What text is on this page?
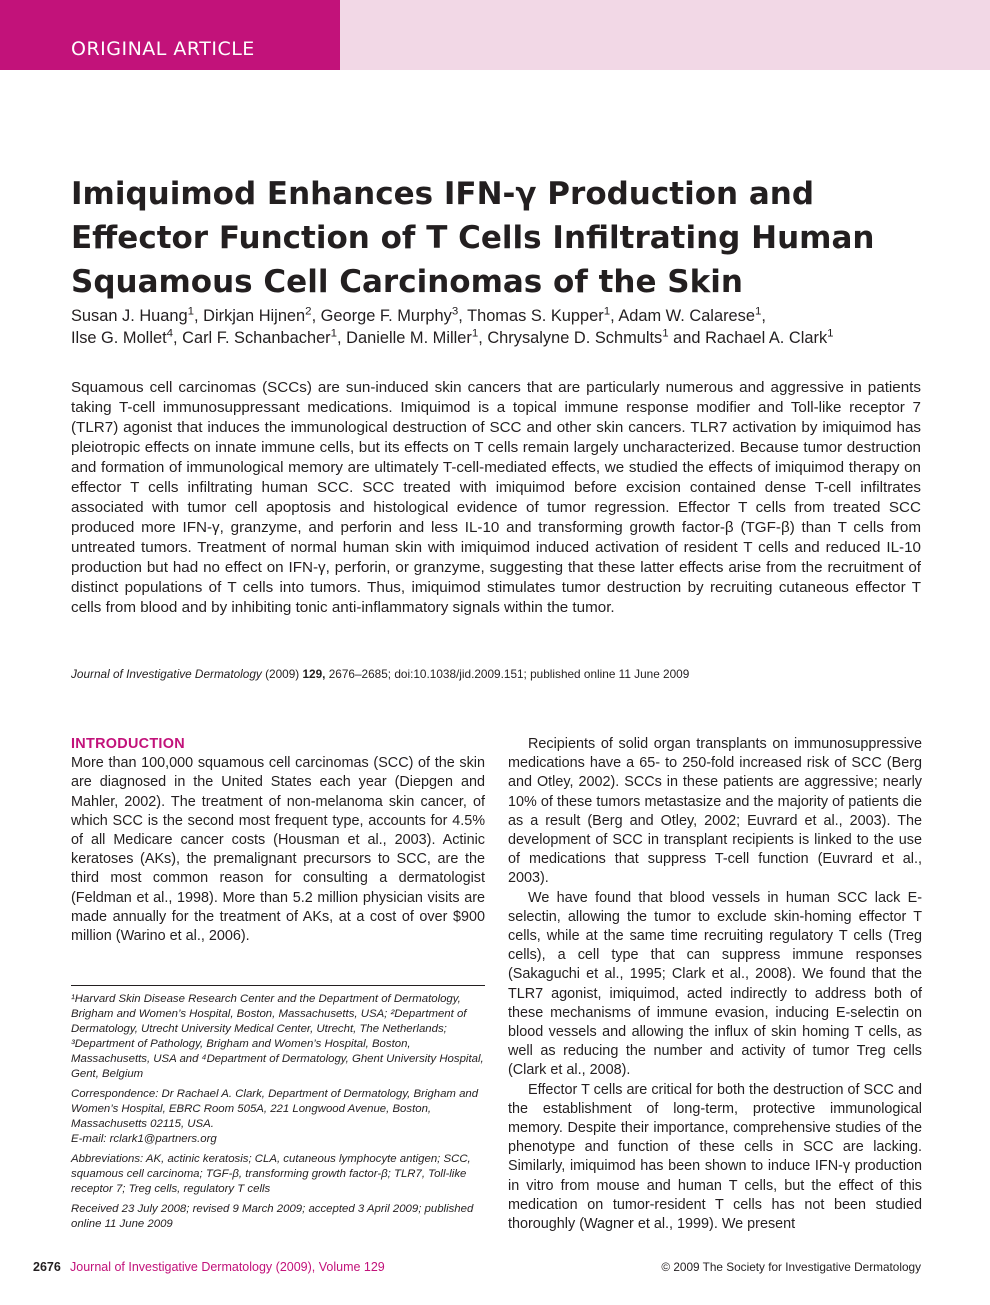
ORIGINAL ARTICLE
Imiquimod Enhances IFN-γ Production and Effector Function of T Cells Infiltrating Human Squamous Cell Carcinomas of the Skin

Susan J. Huang$^1$, Dirkjan Hijnen$^2$, George F. Murphy$^3$, Thomas S. Kupper$^1$, Adam W. Calarese$^1$,
Ilse G. Mollet$^4$, Carl F. Schanbacher$^1$, Danielle M. Miller$^1$, Chrysalyne D. Schmults$^1$ and Rachael A. Clark$^1$

Squamous cell carcinomas (SCCs) are sun-induced skin cancers that are particularly numerous and aggressive in patients taking T-cell immunosuppressant medications. Imiquimod is a topical immune response modifier and Toll-like receptor 7 (TLR7) agonist that induces the immunological destruction of SCC and other skin cancers. TLR7 activation by imiquimod has pleiotropic effects on innate immune cells, but its effects on T cells remain largely uncharacterized. Because tumor destruction and formation of immunological memory are ultimately T-cell-mediated effects, we studied the effects of imiquimod therapy on effector T cells infiltrating human SCC. SCC treated with imiquimod before excision contained dense T-cell infiltrates associated with tumor cell apoptosis and histological evidence of tumor regression. Effector T cells from treated SCC produced more IFN-γ, granzyme, and perforin and less IL-10 and transforming growth factor-β (TGF-β) than T cells from untreated tumors. Treatment of normal human skin with imiquimod induced activation of resident T cells and reduced IL-10 production but had no effect on IFN-γ, perforin, or granzyme, suggesting that these latter effects arise from the recruitment of distinct populations of T cells into tumors. Thus, imiquimod stimulates tumor destruction by recruiting cutaneous effector T cells from blood and by inhibiting tonic anti-inflammatory signals within the tumor.

Journal of Investigative Dermatology (2009) 129, 2676–2685; doi:10.1038/jid.2009.151; published online 11 June 2009

INTRODUCTION

More than 100,000 squamous cell carcinomas (SCC) of the skin are diagnosed in the United States each year (Diepgen and Mahler, 2002). The treatment of non-melanoma skin cancer, of which SCC is the second most frequent type, accounts for 4.5% of all Medicare cancer costs (Housman et al., 2003). Actinic keratoses (AKs), the premalignant precursors to SCC, are the third most common reason for consulting a dermatologist (Feldman et al., 1998). More than 5.2 million physician visits are made annually for the treatment of AKs, at a cost of over $900 million (Warino et al., 2006).

¹Harvard Skin Disease Research Center and the Department of Dermatology, Brigham and Women’s Hospital, Boston, Massachusetts, USA; ²Department of Dermatology, Utrecht University Medical Center, Utrecht, The Netherlands; ³Department of Pathology, Brigham and Women’s Hospital, Boston, Massachusetts, USA and ⁴Department of Dermatology, Ghent University Hospital, Gent, Belgium

Correspondence: Dr Rachael A. Clark, Department of Dermatology, Brigham and Women’s Hospital, EBRC Room 505A, 221 Longwood Avenue, Boston, Massachusetts 02115, USA.

E-mail: rclark1@partners.org

Abbreviations: AK, actinic keratosis; CLA, cutaneous lymphocyte antigen; SCC, squamous cell carcinoma; TGF-β, transforming growth factor-β; TLR7, Toll-like receptor 7; Treg cells, regulatory T cells

Received 23 July 2008; revised 9 March 2009; accepted 3 April 2009; published online 11 June 2009

Recipients of solid organ transplants on immunosuppressive medications have a 65- to 250-fold increased risk of SCC (Berg and Otley, 2002). SCCs in these patients are aggressive; nearly 10% of these tumors metastasize and the majority of patients die as a result (Berg and Otley, 2002; Euvrard et al., 2003). The development of SCC in transplant recipients is linked to the use of medications that suppress T-cell function (Euvrard et al., 2003).

We have found that blood vessels in human SCC lack E-selectin, allowing the tumor to exclude skin-homing effector T cells, while at the same time recruiting regulatory T cells (Treg cells), a cell type that can suppress immune responses (Sakaguchi et al., 1995; Clark et al., 2008). We found that the TLR7 agonist, imiquimod, acted indirectly to address both of these mechanisms of immune evasion, inducing E-selectin on blood vessels and allowing the influx of skin homing T cells, as well as reducing the number and activity of tumor Treg cells (Clark et al., 2008).

Effector T cells are critical for both the destruction of SCC and the establishment of long-term, protective immunological memory. Despite their importance, comprehensive studies of the phenotype and function of these cells in SCC are lacking. Similarly, imiquimod has been shown to induce IFN-γ production in vitro from mouse and human T cells, but the effect of this medication on tumor-resident T cells has not been studied thoroughly (Wagner et al., 1999). We present

2676 Journal of Investigative Dermatology (2009), Volume 129	© 2009 The Society for Investigative Dermatology
